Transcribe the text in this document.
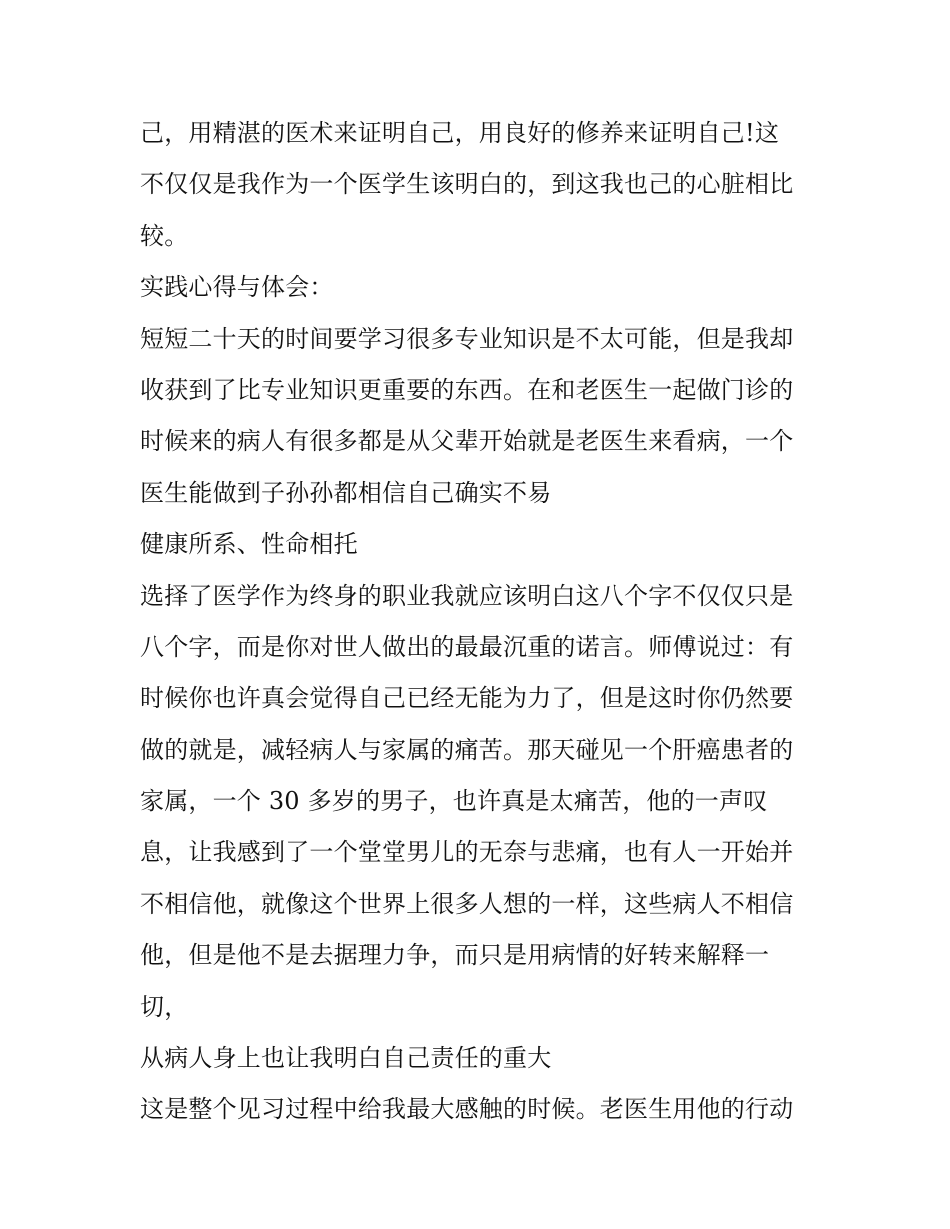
己，用精湛的医术来证明自己，用良好的修养来证明自己!这
不仅仅是我作为一个医学生该明白的，到这我也己的心脏相比
较。
实践心得与体会：
短短二十天的时间要学习很多专业知识是不太可能，但是我却
收获到了比专业知识更重要的东西。在和老医生一起做门诊的
时候来的病人有很多都是从父辈开始就是老医生来看病，一个
医生能做到子孙孙都相信自己确实不易
健康所系、性命相托
选择了医学作为终身的职业我就应该明白这八个字不仅仅只是
八个字，而是你对世人做出的最最沉重的诺言。师傅说过：有
时候你也许真会觉得自己已经无能为力了，但是这时你仍然要
做的就是，减轻病人与家属的痛苦。那天碰见一个肝癌患者的
家属，一个 30 多岁的男子，也许真是太痛苦，他的一声叹
息，让我感到了一个堂堂男儿的无奈与悲痛，也有人一开始并
不相信他，就像这个世界上很多人想的一样，这些病人不相信
他，但是他不是去据理力争，而只是用病情的好转来解释一
切，
从病人身上也让我明白自己责任的重大
这是整个见习过程中给我最大感触的时候。老医生用他的行动
